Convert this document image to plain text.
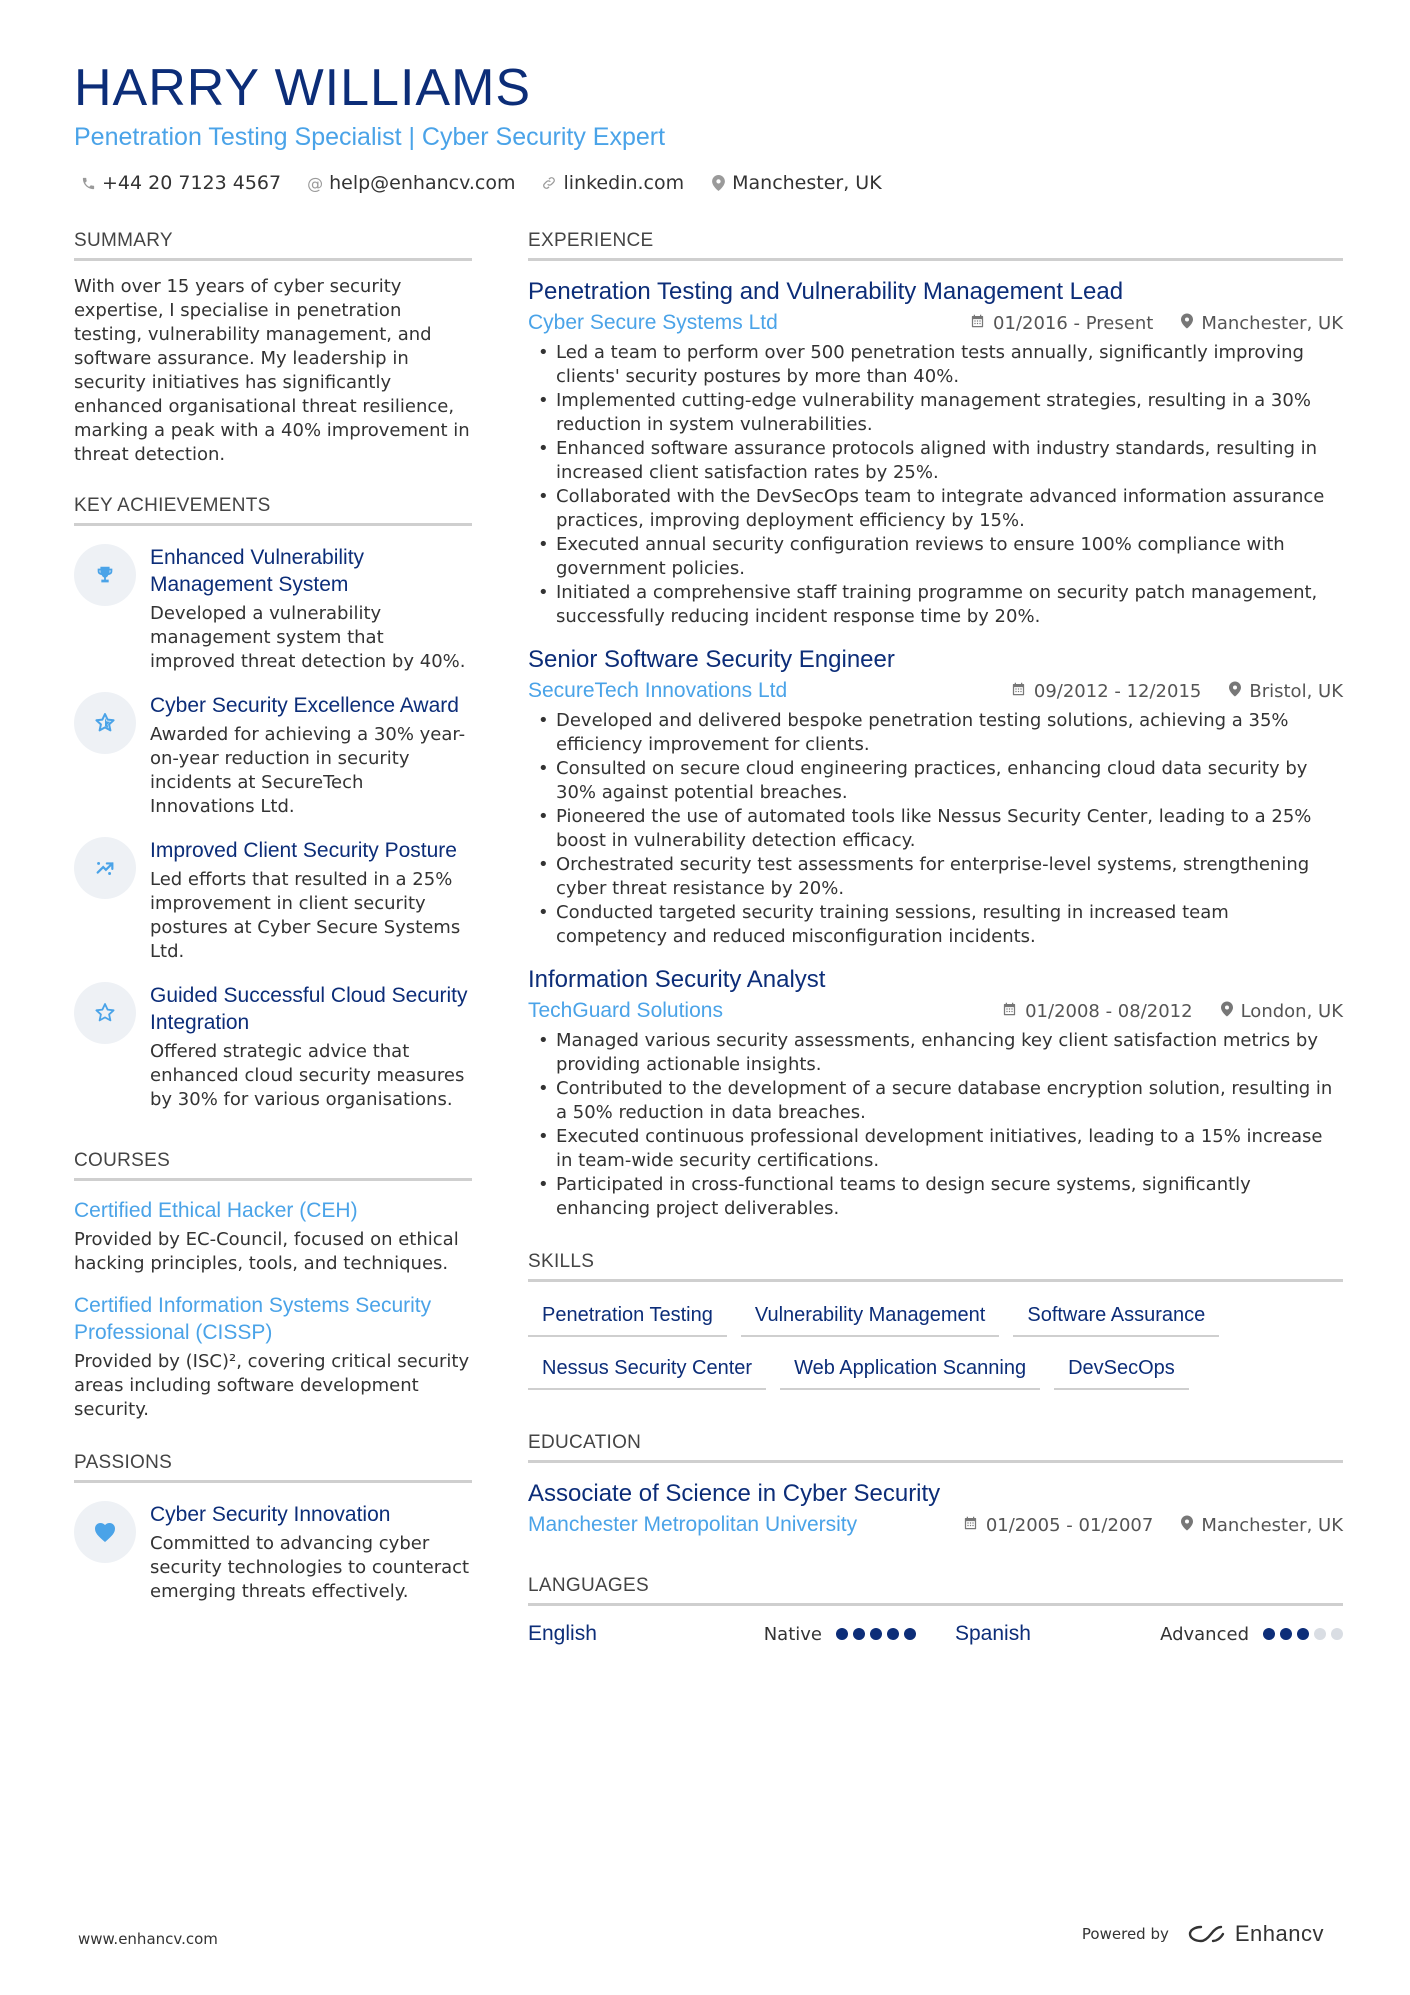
HARRY WILLIAMS
Penetration Testing Specialist | Cyber Security Expert
+44 20 7123 4567 @ help@enhancv.com	linkedin.com	Manchester, UK
SUMMARY
With over 15 years of cyber security expertise, I specialise in penetration testing, vulnerability management, and software assurance. My leadership in security initiatives has significantly enhanced organisational threat resilience, marking a peak with a 40% improvement in threat detection.
KEY ACHIEVEMENTS
Enhanced Vulnerability Management System
Developed a vulnerability management system that improved threat detection by 40%.
Cyber Security Excellence Award
Awarded for achieving a 30% year-on-year reduction in security incidents at SecureTech Innovations Ltd.
Improved Client Security Posture
Led efforts that resulted in a 25% improvement in client security postures at Cyber Secure Systems Ltd.
Guided Successful Cloud Security Integration
Offered strategic advice that enhanced cloud security measures by 30% for various organisations.
COURSES
Certified Ethical Hacker (CEH)
Provided by EC-Council, focused on ethical hacking principles, tools, and techniques.
Certified Information Systems Security Professional (CISSP)
Provided by (ISC)², covering critical security areas including software development security.
PASSIONS
Cyber Security Innovation
Committed to advancing cyber security technologies to counteract emerging threats effectively.
EXPERIENCE
Penetration Testing and Vulnerability Management Lead
Cyber Secure Systems Ltd	01/2016 - Present	Manchester, UK
• Led a team to perform over 500 penetration tests annually, significantly improving clients' security postures by more than 40%.
• Implemented cutting-edge vulnerability management strategies, resulting in a 30% reduction in system vulnerabilities.
• Enhanced software assurance protocols aligned with industry standards, resulting in increased client satisfaction rates by 25%.
• Collaborated with the DevSecOps team to integrate advanced information assurance practices, improving deployment efficiency by 15%.
• Executed annual security configuration reviews to ensure 100% compliance with government policies.
• Initiated a comprehensive staff training programme on security patch management, successfully reducing incident response time by 20%.
Senior Software Security Engineer
SecureTech Innovations Ltd	09/2012 - 12/2015	Bristol, UK
• Developed and delivered bespoke penetration testing solutions, achieving a 35% efficiency improvement for clients.
• Consulted on secure cloud engineering practices, enhancing cloud data security by 30% against potential breaches.
• Pioneered the use of automated tools like Nessus Security Center, leading to a 25% boost in vulnerability detection efficacy.
• Orchestrated security test assessments for enterprise-level systems, strengthening cyber threat resistance by 20%.
• Conducted targeted security training sessions, resulting in increased team competency and reduced misconfiguration incidents.
Information Security Analyst
TechGuard Solutions	01/2008 - 08/2012	London, UK
• Managed various security assessments, enhancing key client satisfaction metrics by providing actionable insights.
• Contributed to the development of a secure database encryption solution, resulting in a 50% reduction in data breaches.
• Executed continuous professional development initiatives, leading to a 15% increase in team-wide security certifications.
• Participated in cross-functional teams to design secure systems, significantly enhancing project deliverables.
SKILLS
Penetration Testing	Vulnerability Management	Software Assurance
Nessus Security Center	Web Application Scanning	DevSecOps
EDUCATION
Associate of Science in Cyber Security
Manchester Metropolitan University	01/2005 - 01/2007	Manchester, UK
LANGUAGES
English	Native	Spanish	Advanced
www.enhancv.com	Powered by	Enhancv
